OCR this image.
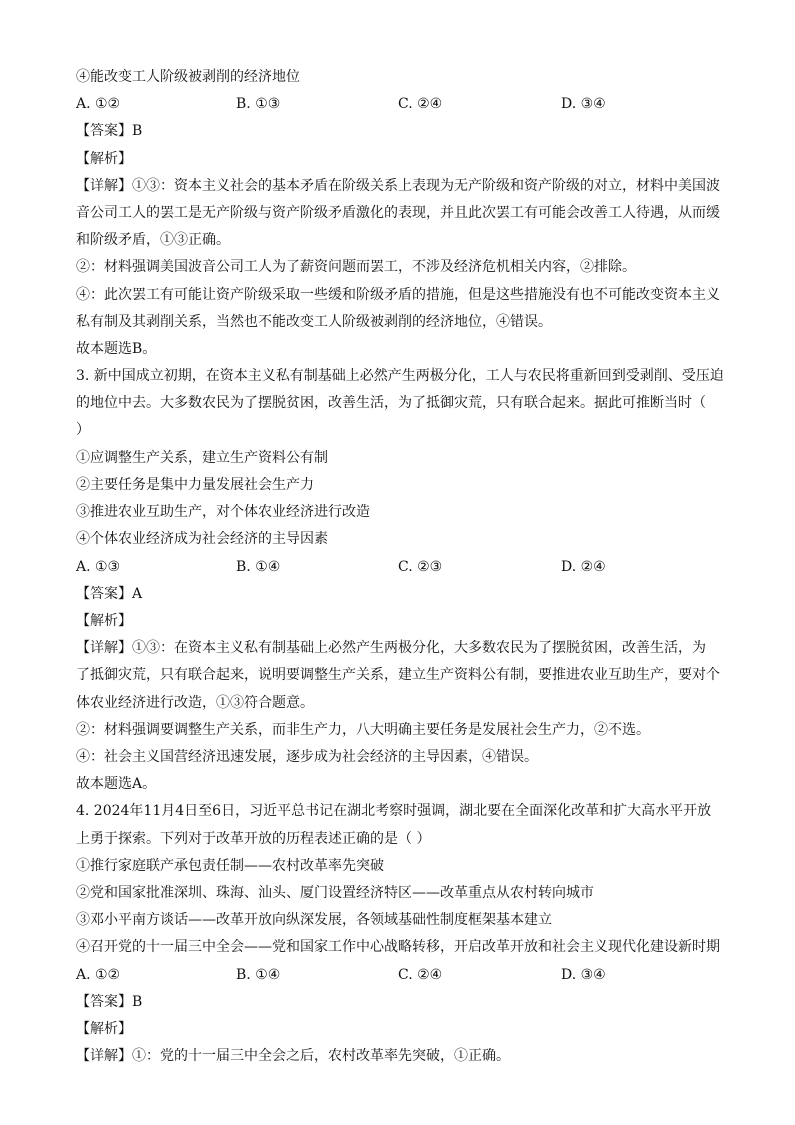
④能改变工人阶级被剥削的经济地位
A. ①②	B. ①③	C. ②④	D. ③④
【答案】B
【解析】
【详解】①③：资本主义社会的基本矛盾在阶级关系上表现为无产阶级和资产阶级的对立，材料中美国波
音公司工人的罢工是无产阶级与资产阶级矛盾激化的表现，并且此次罢工有可能会改善工人待遇，从而缓
和阶级矛盾，①③正确。
②：材料强调美国波音公司工人为了薪资问题而罢工，不涉及经济危机相关内容，②排除。
④：此次罢工有可能让资产阶级采取一些缓和阶级矛盾的措施，但是这些措施没有也不可能改变资本主义
私有制及其剥削关系，当然也不能改变工人阶级被剥削的经济地位，④错误。
故本题选B。
3. 新中国成立初期，在资本主义私有制基础上必然产生两极分化，工人与农民将重新回到受剥削、受压迫
的地位中去。大多数农民为了摆脱贫困，改善生活，为了抵御灾荒，只有联合起来。据此可推断当时（
）
①应调整生产关系，建立生产资料公有制
②主要任务是集中力量发展社会生产力
③推进农业互助生产，对个体农业经济进行改造
④个体农业经济成为社会经济的主导因素
A. ①③	B. ①④	C. ②③	D. ②④
【答案】A
【解析】
【详解】①③：在资本主义私有制基础上必然产生两极分化，大多数农民为了摆脱贫困，改善生活，为
了抵御灾荒，只有联合起来，说明要调整生产关系，建立生产资料公有制，要推进农业互助生产，要对个
体农业经济进行改造，①③符合题意。
②：材料强调要调整生产关系，而非生产力，八大明确主要任务是发展社会生产力，②不选。
④：社会主义国营经济迅速发展，逐步成为社会经济的主导因素，④错误。
故本题选A。
4. 2024年11月4日至6日，习近平总书记在湖北考察时强调，湖北要在全面深化改革和扩大高水平开放
上勇于探索。下列对于改革开放的历程表述正确的是（ ）
①推行家庭联产承包责任制——农村改革率先突破
②党和国家批准深圳、珠海、汕头、厦门设置经济特区——改革重点从农村转向城市
③邓小平南方谈话——改革开放向纵深发展，各领域基础性制度框架基本建立
④召开党的十一届三中全会——党和国家工作中心战略转移，开启改革开放和社会主义现代化建设新时期
A. ①②	B. ①④	C. ②④	D. ③④
【答案】B
【解析】
【详解】①：党的十一届三中全会之后，农村改革率先突破，①正确。
